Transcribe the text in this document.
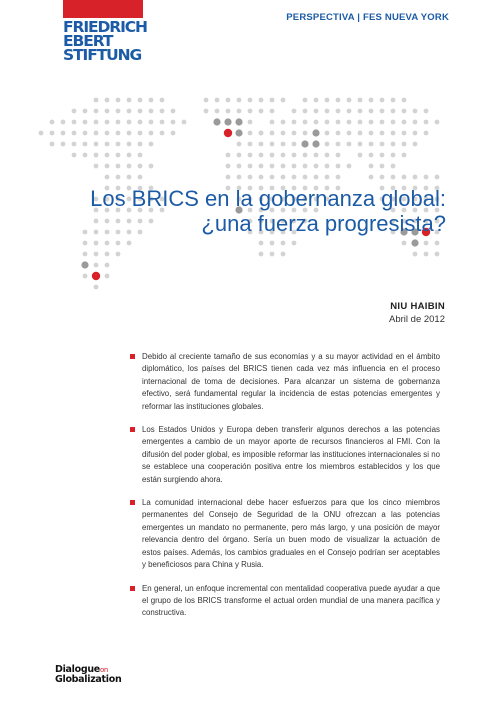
FRIEDRICH
EBERT
STIFTUNG
PERSPECTIVA | FES NUEVA YORK
Los BRICS en la gobernanza global:
¿una fuerza progresista?
NIU HAIBIN
Abril de 2012
Debido al creciente tamaño de sus economías y a su mayor actividad en el ámbito diplomático, los países del BRICS tienen cada vez más influencia en el proceso internacional de toma de decisiones. Para alcanzar un sistema de gobernanza efectivo, será fundamental regular la incidencia de estas potencias emergentes y reformar las instituciones globales.
Los Estados Unidos y Europa deben transferir algunos derechos a las potencias emergentes a cambio de un mayor aporte de recursos financieros al FMI. Con la difusión del poder global, es imposible reformar las instituciones internacionales si no se establece una cooperación positiva entre los miembros establecidos y los que están surgiendo ahora.
La comunidad internacional debe hacer esfuerzos para que los cinco miembros permanentes del Consejo de Seguridad de la ONU ofrezcan a las potencias emergentes un mandato no permanente, pero más largo, y una posición de mayor relevancia dentro del órgano. Sería un buen modo de visualizar la actuación de estos países. Además, los cambios graduales en el Consejo podrían ser aceptables y beneficiosos para China y Rusia.
En general, un enfoque incremental con mentalidad cooperativa puede ayudar a que el grupo de los BRICS transforme el actual orden mundial de una manera pacífica y constructiva.
Dialogueon
Globalization
